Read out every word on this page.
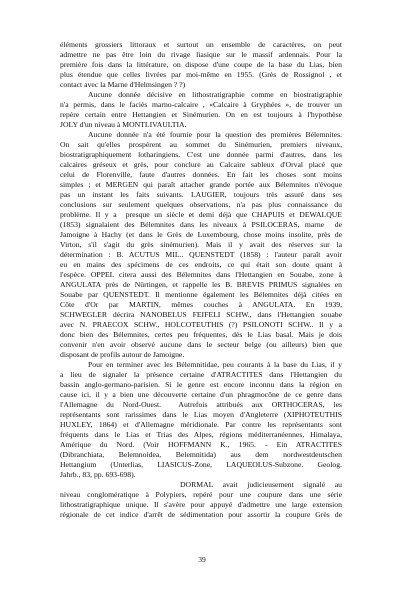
éléments grossiers littoraux et surtout un ensemble de caractères, on peut
admettre ne pas être loin du rivage liasique sur le massif ardennais. Pour la
première fois dans la littérature, on dispose d'une coupe de la base du Lias, bien
plus étendue que celles livrées par moi-même en 1955. (Grès de Rossignol , et
contact avec la Marne d'Helmsingen ? ?)
Aucune donnée décisive en lithostratigraphie comme en biostratigraphie
n'a permis, dans le faciès marno-calcaire , «Calcaire à Gryphées », de trouver un
repère certain entre Hettangien et Sinémurien. On en est toujours à l'hypothèse
JOLY d'un niveau à MONTLIVAULTIA.
Aucune donnée n'a été fournie pour la question des premières Bélemnites.
On sait qu'elles prospèrent au sommet du Sinémurien, premiers niveaux,
biostratigraphiquement lotharingiens. C'est une donnée parmi d'autres, dans les
calcaires gréseux et grès, pour conclure au Calcaire sableux d'Orval placé que
celui de Florenville, faute d'autres données. En fait les choses sont moins
simples ; et MERGEN qui paraît attacher grande portée aux Bélemnites n'évoque
pas un instant les faits suivants. LAUGIER, toujours très assuré dans ses
conclusions sur seulement quelques observations, n'a pas plus connaissance du
problème. Il y a  presque un siècle et demi déjà que CHAPUIS et DEWALQUE
(1853) signalaient des Bélemnites dans les niveaux à PSILOCERAS, marne  de
Jamoigne à Hachy (et dans le Grès de Luxembourg, chose moins insolite, près de
Virton, s'il s'agit du grès sinémurien). Mais il y avait des réserves sur la
détermination : B. ACUTUS MIL.. QUENSTEDT (1858) : l'auteur paraît avoir
eu en mains des spécimens de ces endroits, ce qui était son doute quant à
l'espèce. OPPEL citera aussi des Bélemnites dans l'Hettangien en Souabe, zone à
ANGULATA près de Nürtingen, et rappelle les B. BREVIS PRIMUS signalées en
Souabe par QUENSTEDT. Il mentionne également les Bélemnites déjà citées en
Côte d'Or par MARTIN, mêmes couches à ANGULATA. En 1939,
SCHWEGLER décrira NANOBELUS FEIFELI SCHW., dans l'Hettangien souabe
avec N. PRAECOX SCHW., HOLCOTEUTHIS (?) PSILONOTI SCHW.. Il y a
donc bien des Bélemnites, certes peu fréquentes, dès le Lias basal. Mais je dois
convenir n'en avoir observé aucune dans le secteur belge (ou ailleurs) bien que
disposant de profils autour de Jamoigne.
Pour en terminer avec les Bélemnitidae, peu courants à la base du Lias, il y
a lieu de signaler la présence certaine d'ATRACTITES dans l'Hettangien du
bassin anglo-germano-parisien. Si le genre est encore inconnu dans la région en
cause ici, il y a bien une découverte certaine d'un phragmocône de ce genre dans
l'Allemagne du Nord-Ouest.  Autrefois attribués aux ORTHOCERAS, les
représentants sont rarissimes dans le Lias moyen d'Angleterre (XIPHOTEUTHIS
HUXLEY, 1864) et d'Allemagne méridionale. Par contre les représentants sont
fréquents dans le Lias et Trias des Alpes, régions méditerranéennes, Himalaya,
Amérique du Nord. (Voir HOFFMANN K., 1965. - Ein ATRACTITES
(Dibranchiata, Belemnoidea, Belemnitida) aus dem nordwestdeutschen
Hettangium (Unterlias, LIASICUS-Zone, LAQUEOLUS-Subzone. Geolog.
Jahrb., 83, pp. 693-698).
DORMAL avait judicieusement signalé au
niveau conglomératique à Polypiers, repéré pour une coupure dans une série
lithostratigraphique unique. Il s'avère pour appuyé d'admettre une large extension
régionale de cet indice d'arrêt de sédimentation pour assortir la coupure Grès de
39
